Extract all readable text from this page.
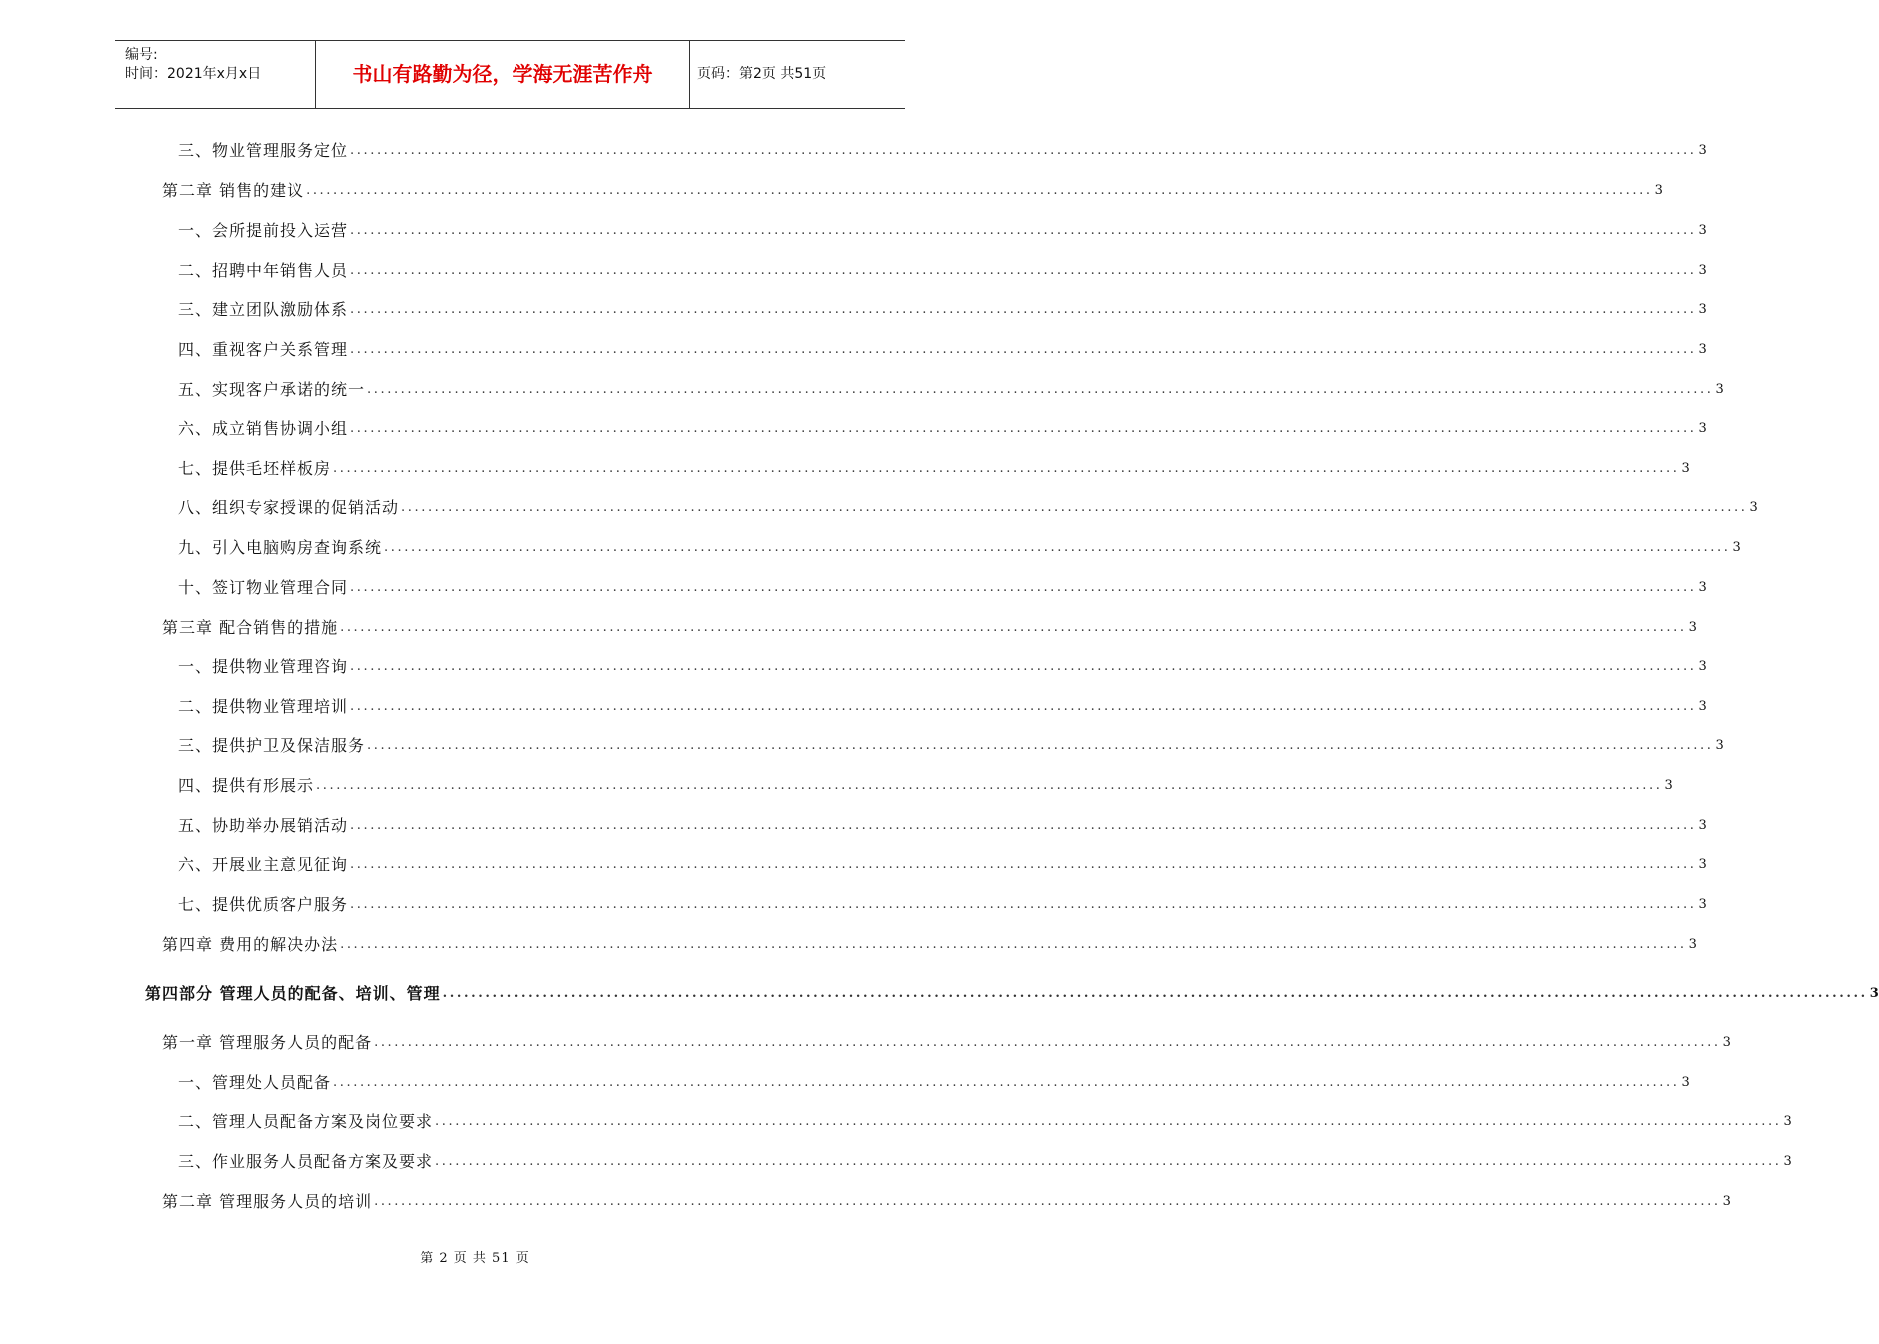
编号:
时间：2021年x月x日	书山有路勤为径，学海无涯苦作舟	页码：第2页 共51页
三、物业管理服务定位 ........................................................................................................................................................................................................ 3
第二章 销售的建议 ........................................................................................................................................................................................................ 3
一、会所提前投入运营 ........................................................................................................................................................................................................ 3
二、招聘中年销售人员 ........................................................................................................................................................................................................ 3
三、建立团队激励体系 ........................................................................................................................................................................................................ 3
四、重视客户关系管理 ........................................................................................................................................................................................................ 3
五、实现客户承诺的统一 ........................................................................................................................................................................................................ 3
六、成立销售协调小组 ........................................................................................................................................................................................................ 3
七、提供毛坯样板房 ........................................................................................................................................................................................................ 3
八、组织专家授课的促销活动 ........................................................................................................................................................................................................ 3
九、引入电脑购房查询系统 ........................................................................................................................................................................................................ 3
十、签订物业管理合同 ........................................................................................................................................................................................................ 3
第三章 配合销售的措施 ........................................................................................................................................................................................................ 3
一、提供物业管理咨询 ........................................................................................................................................................................................................ 3
二、提供物业管理培训 ........................................................................................................................................................................................................ 3
三、提供护卫及保洁服务 ........................................................................................................................................................................................................ 3
四、提供有形展示 ........................................................................................................................................................................................................ 3
五、协助举办展销活动 ........................................................................................................................................................................................................ 3
六、开展业主意见征询 ........................................................................................................................................................................................................ 3
七、提供优质客户服务 ........................................................................................................................................................................................................ 3
第四章 费用的解决办法 ........................................................................................................................................................................................................ 3
第四部分 管理人员的配备、培训、管理 ........................................................................................................................................................................................................ 3
第一章 管理服务人员的配备 ........................................................................................................................................................................................................ 3
一、管理处人员配备 ........................................................................................................................................................................................................ 3
二、管理人员配备方案及岗位要求 ........................................................................................................................................................................................................ 3
三、作业服务人员配备方案及要求 ........................................................................................................................................................................................................ 3
第二章 管理服务人员的培训 ........................................................................................................................................................................................................ 3
第 2 页 共 51 页
